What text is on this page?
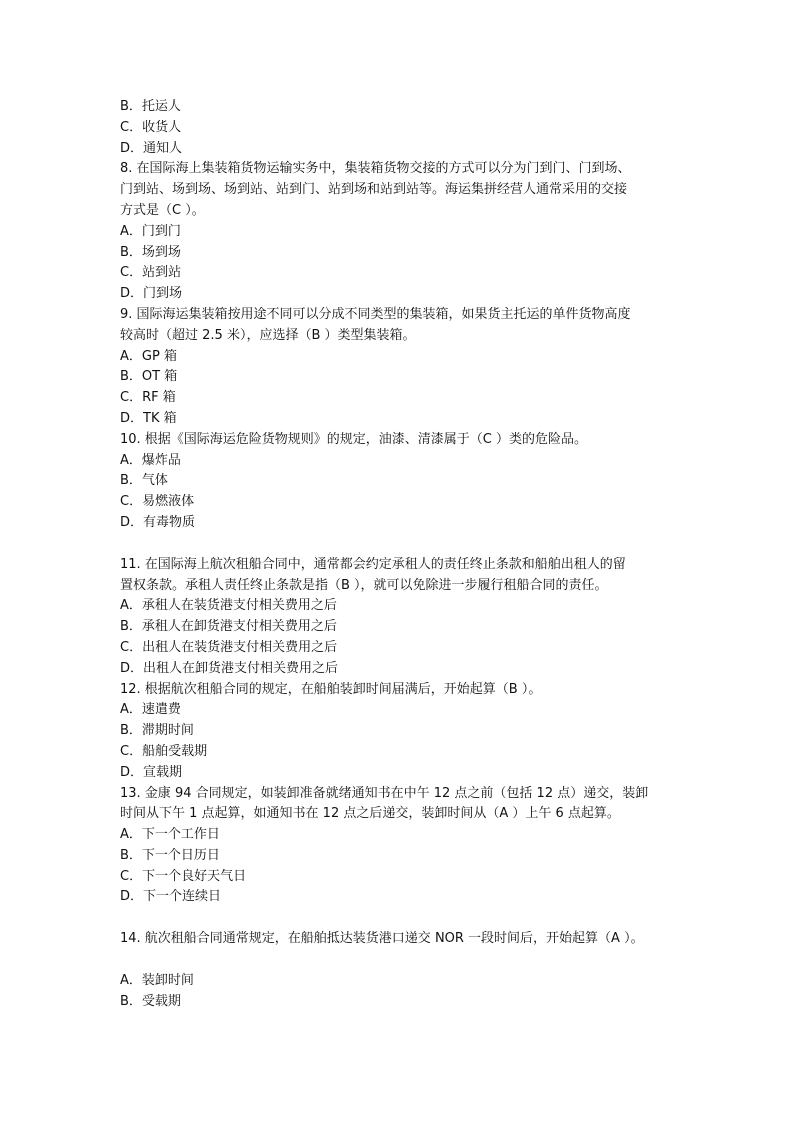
B．托运人

C．收货人

D．通知人

8. 在国际海上集装箱货物运输实务中，集装箱货物交接的方式可以分为门到门、门到场、

门到站、场到场、场到站、站到门、站到场和站到站等。海运集拼经营人通常采用的交接

方式是（C ）。

A．门到门

B．场到场

C．站到站

D．门到场

9. 国际海运集装箱按用途不同可以分成不同类型的集装箱，如果货主托运的单件货物高度

较高时（超过 2.5 米），应选择（B ）类型集装箱。

A．GP 箱

B．OT 箱

C．RF 箱

D．TK 箱

10. 根据《国际海运危险货物规则》的规定，油漆、清漆属于（C ）类的危险品。

A．爆炸品

B．气体

C．易燃液体

D．有毒物质

11. 在国际海上航次租船合同中，通常都会约定承租人的责任终止条款和船舶出租人的留

置权条款。承租人责任终止条款是指（B ），就可以免除进一步履行租船合同的责任。

A．承租人在装货港支付相关费用之后

B．承租人在卸货港支付相关费用之后

C．出租人在装货港支付相关费用之后

D．出租人在卸货港支付相关费用之后

12. 根据航次租船合同的规定，在船舶装卸时间届满后，开始起算（B ）。

A．速遣费

B．滞期时间

C．船舶受载期

D．宣载期

13. 金康 94 合同规定，如装卸准备就绪通知书在中午 12 点之前（包括 12 点）递交，装卸

时间从下午 1 点起算，如通知书在 12 点之后递交，装卸时间从（A ）上午 6 点起算。

A．下一个工作日

B．下一个日历日

C．下一个良好天气日

D．下一个连续日

14. 航次租船合同通常规定，在船舶抵达装货港口递交 NOR 一段时间后，开始起算（A ）。

A．装卸时间

B．受载期
